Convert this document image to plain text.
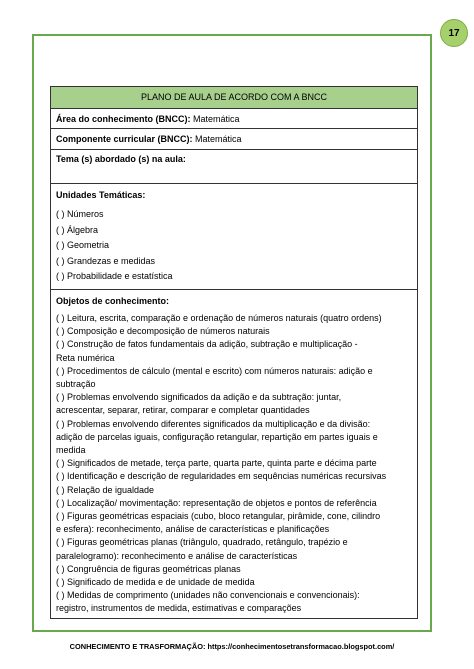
17
PLANO DE AULA DE ACORDO COM A BNCC
Área do conhecimento (BNCC): Matemática
Componente curricular (BNCC): Matemática
Tema (s) abordado (s) na aula:
Unidades Temáticas:
( ) Números
( ) Álgebra
( ) Geometria
( ) Grandezas e medidas
( ) Probabilidade e estatística
Objetos de conhecimento:
( ) Leitura, escrita, comparação e ordenação de números naturais (quatro ordens)
( ) Composição e decomposição de números naturais
( ) Construção de fatos fundamentais da adição, subtração e multiplicação -
Reta numérica
( ) Procedimentos de cálculo (mental e escrito) com números naturais: adição e
subtração
( ) Problemas envolvendo significados da adição e da subtração: juntar,
acrescentar, separar, retirar, comparar e completar quantidades
( ) Problemas envolvendo diferentes significados da multiplicação e da divisão:
adição de parcelas iguais, configuração retangular, repartição em partes iguais e
medida
( ) Significados de metade, terça parte, quarta parte, quinta parte e décima parte
( ) Identificação e descrição de regularidades em sequências numéricas recursivas
( ) Relação de igualdade
( ) Localização/ movimentação: representação de objetos e pontos de referência
( ) Figuras geométricas espaciais (cubo, bloco retangular, pirâmide, cone, cilindro
e esfera): reconhecimento, análise de características e planificações
( ) Figuras geométricas planas (triângulo, quadrado, retângulo, trapézio e
paralelogramo): reconhecimento e análise de características
( ) Congruência de figuras geométricas planas
( ) Significado de medida e de unidade de medida
( ) Medidas de comprimento (unidades não convencionais e convencionais):
registro, instrumentos de medida, estimativas e comparações
CONHECIMENTO E TRASFORMAÇÃO: https://conhecimentosetransformacao.blogspot.com/
